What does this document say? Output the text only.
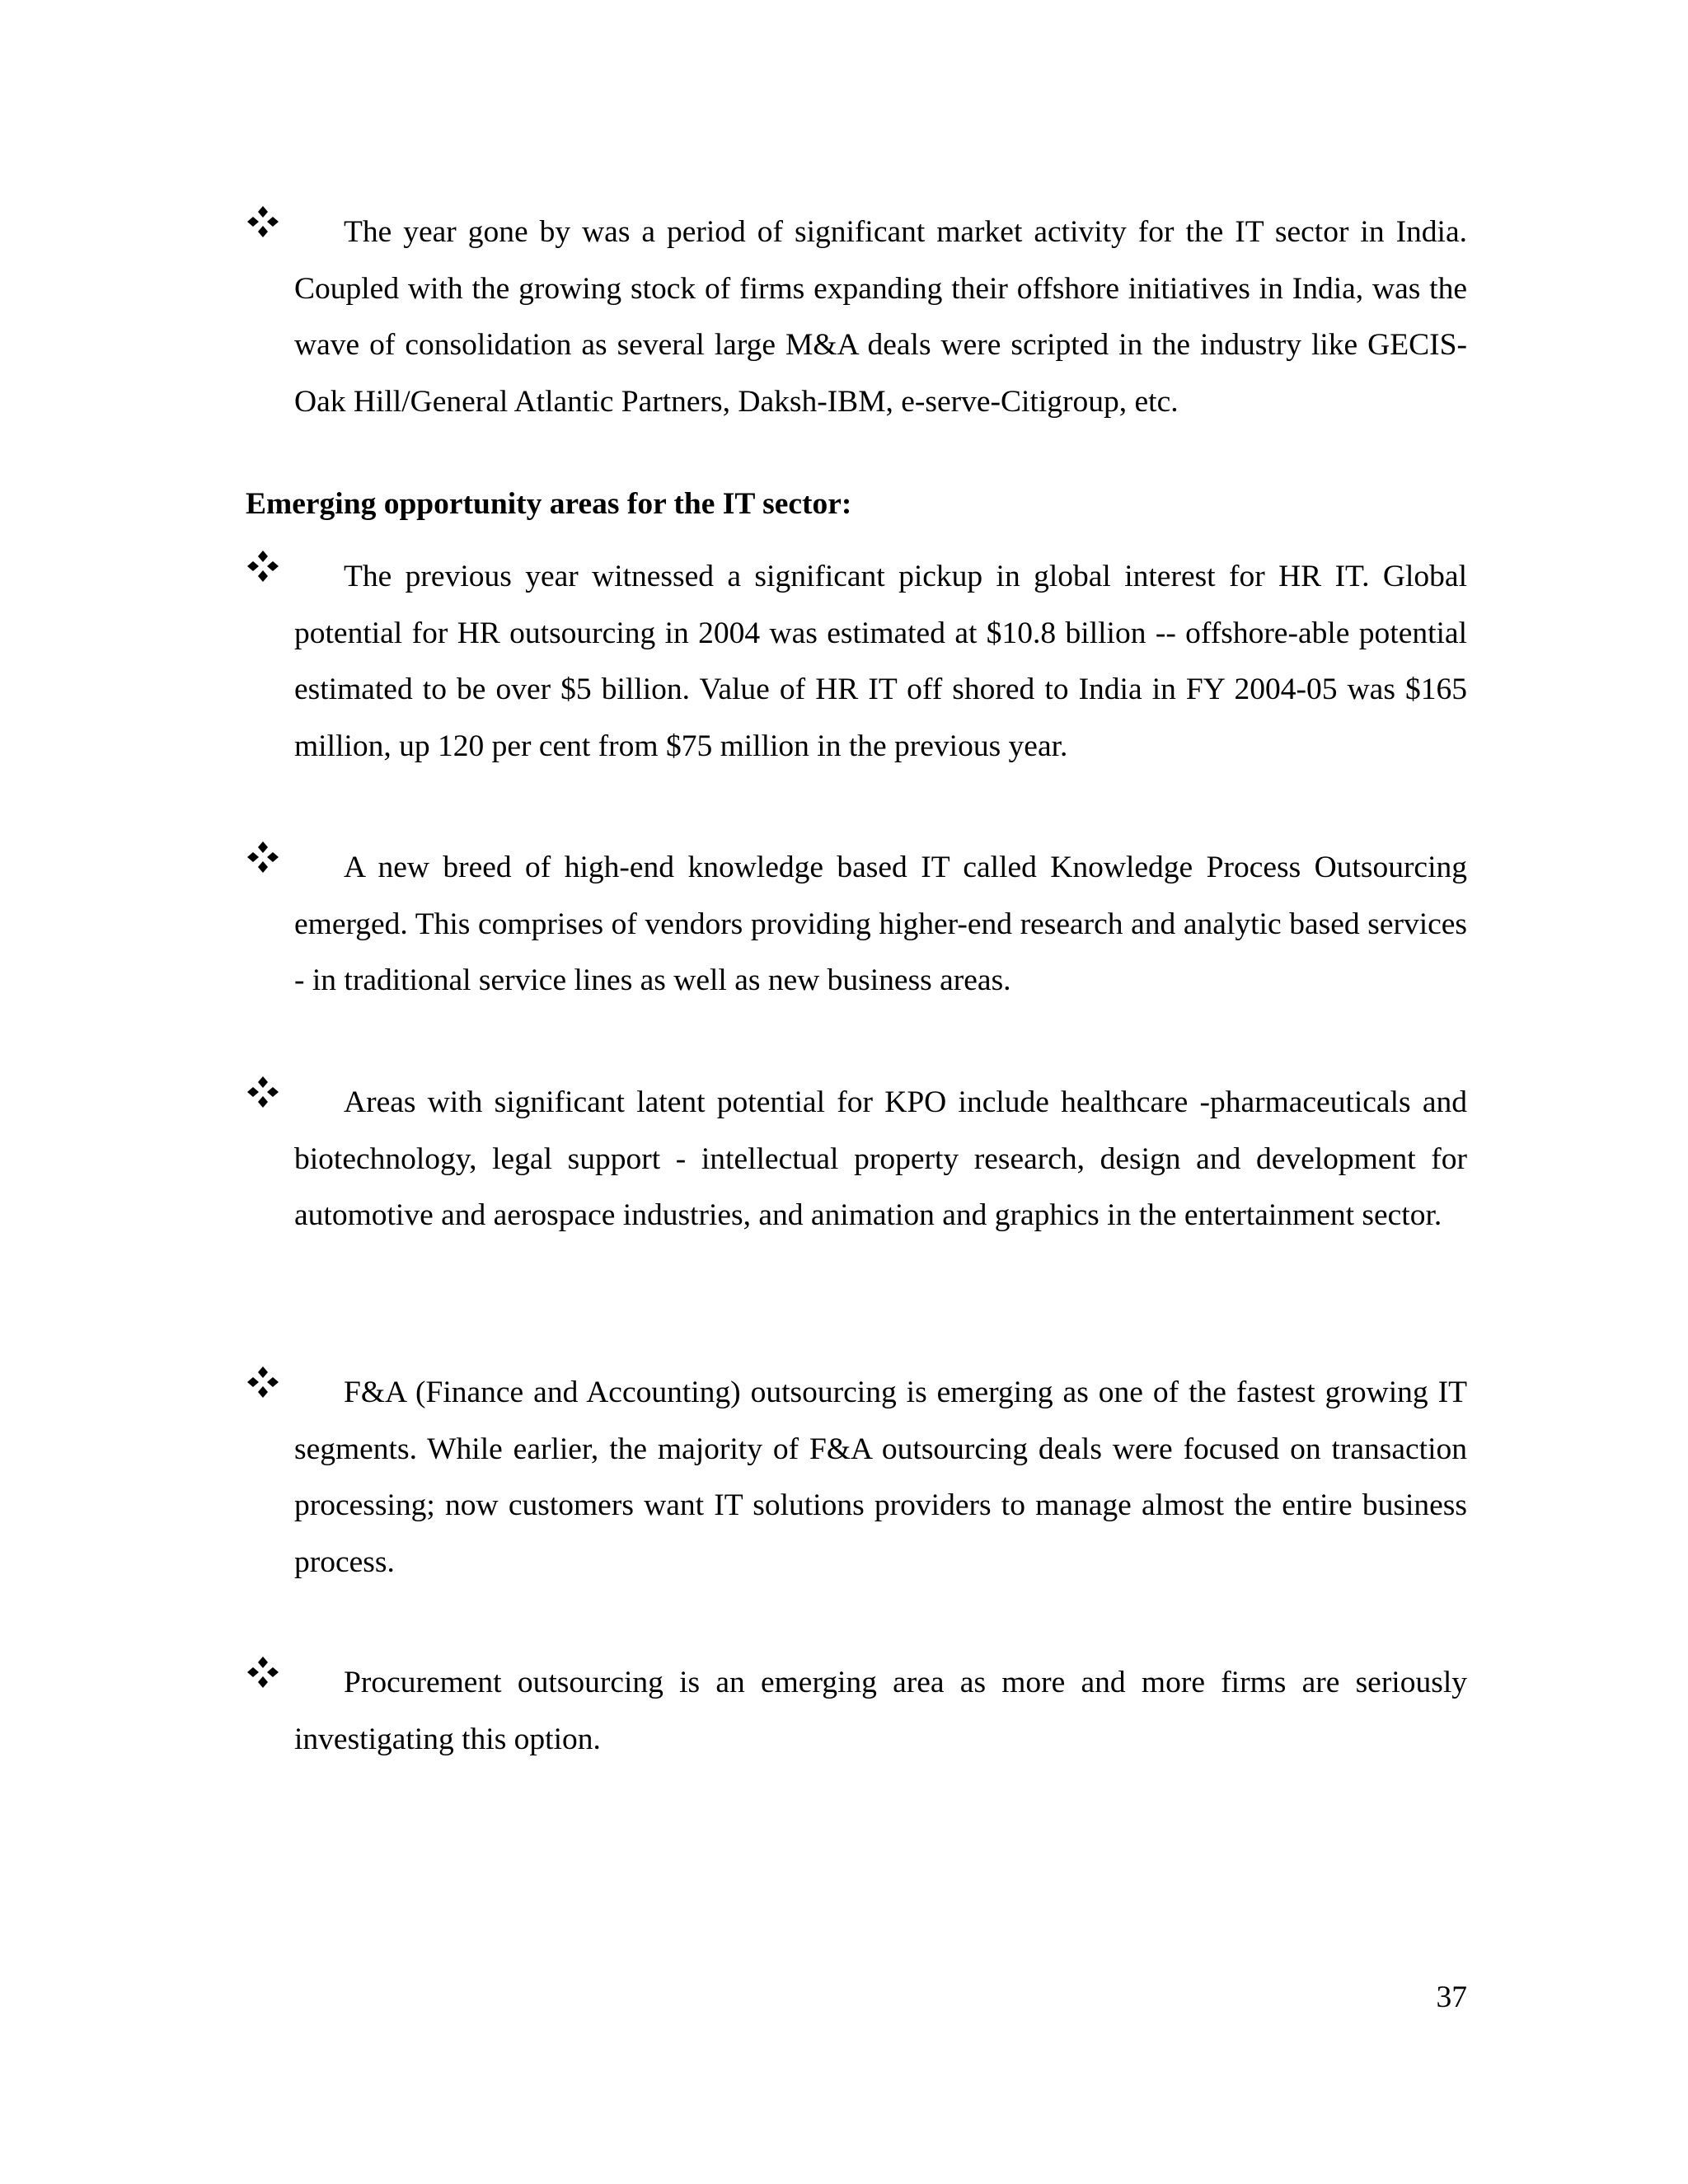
The year gone by was a period of significant market activity for the IT sector in India. Coupled with the growing stock of firms expanding their offshore initiatives in India, was the wave of consolidation as several large M&A deals were scripted in the industry like GECIS-Oak Hill/General Atlantic Partners, Daksh-IBM, e-serve-Citigroup, etc.

Emerging opportunity areas for the IT sector:

The previous year witnessed a significant pickup in global interest for HR IT. Global potential for HR outsourcing in 2004 was estimated at $10.8 billion -- offshore-able potential estimated to be over $5 billion. Value of HR IT off shored to India in FY 2004-05 was $165 million, up 120 per cent from $75 million in the previous year.

A new breed of high-end knowledge based IT called Knowledge Process Outsourcing emerged. This comprises of vendors providing higher-end research and analytic based services - in traditional service lines as well as new business areas.

Areas with significant latent potential for KPO include healthcare -pharmaceuticals and biotechnology, legal support - intellectual property research, design and development for automotive and aerospace industries, and animation and graphics in the entertainment sector.

F&A (Finance and Accounting) outsourcing is emerging as one of the fastest growing IT segments. While earlier, the majority of F&A outsourcing deals were focused on transaction processing; now customers want IT solutions providers to manage almost the entire business process.

Procurement outsourcing is an emerging area as more and more firms are seriously investigating this option.

37
